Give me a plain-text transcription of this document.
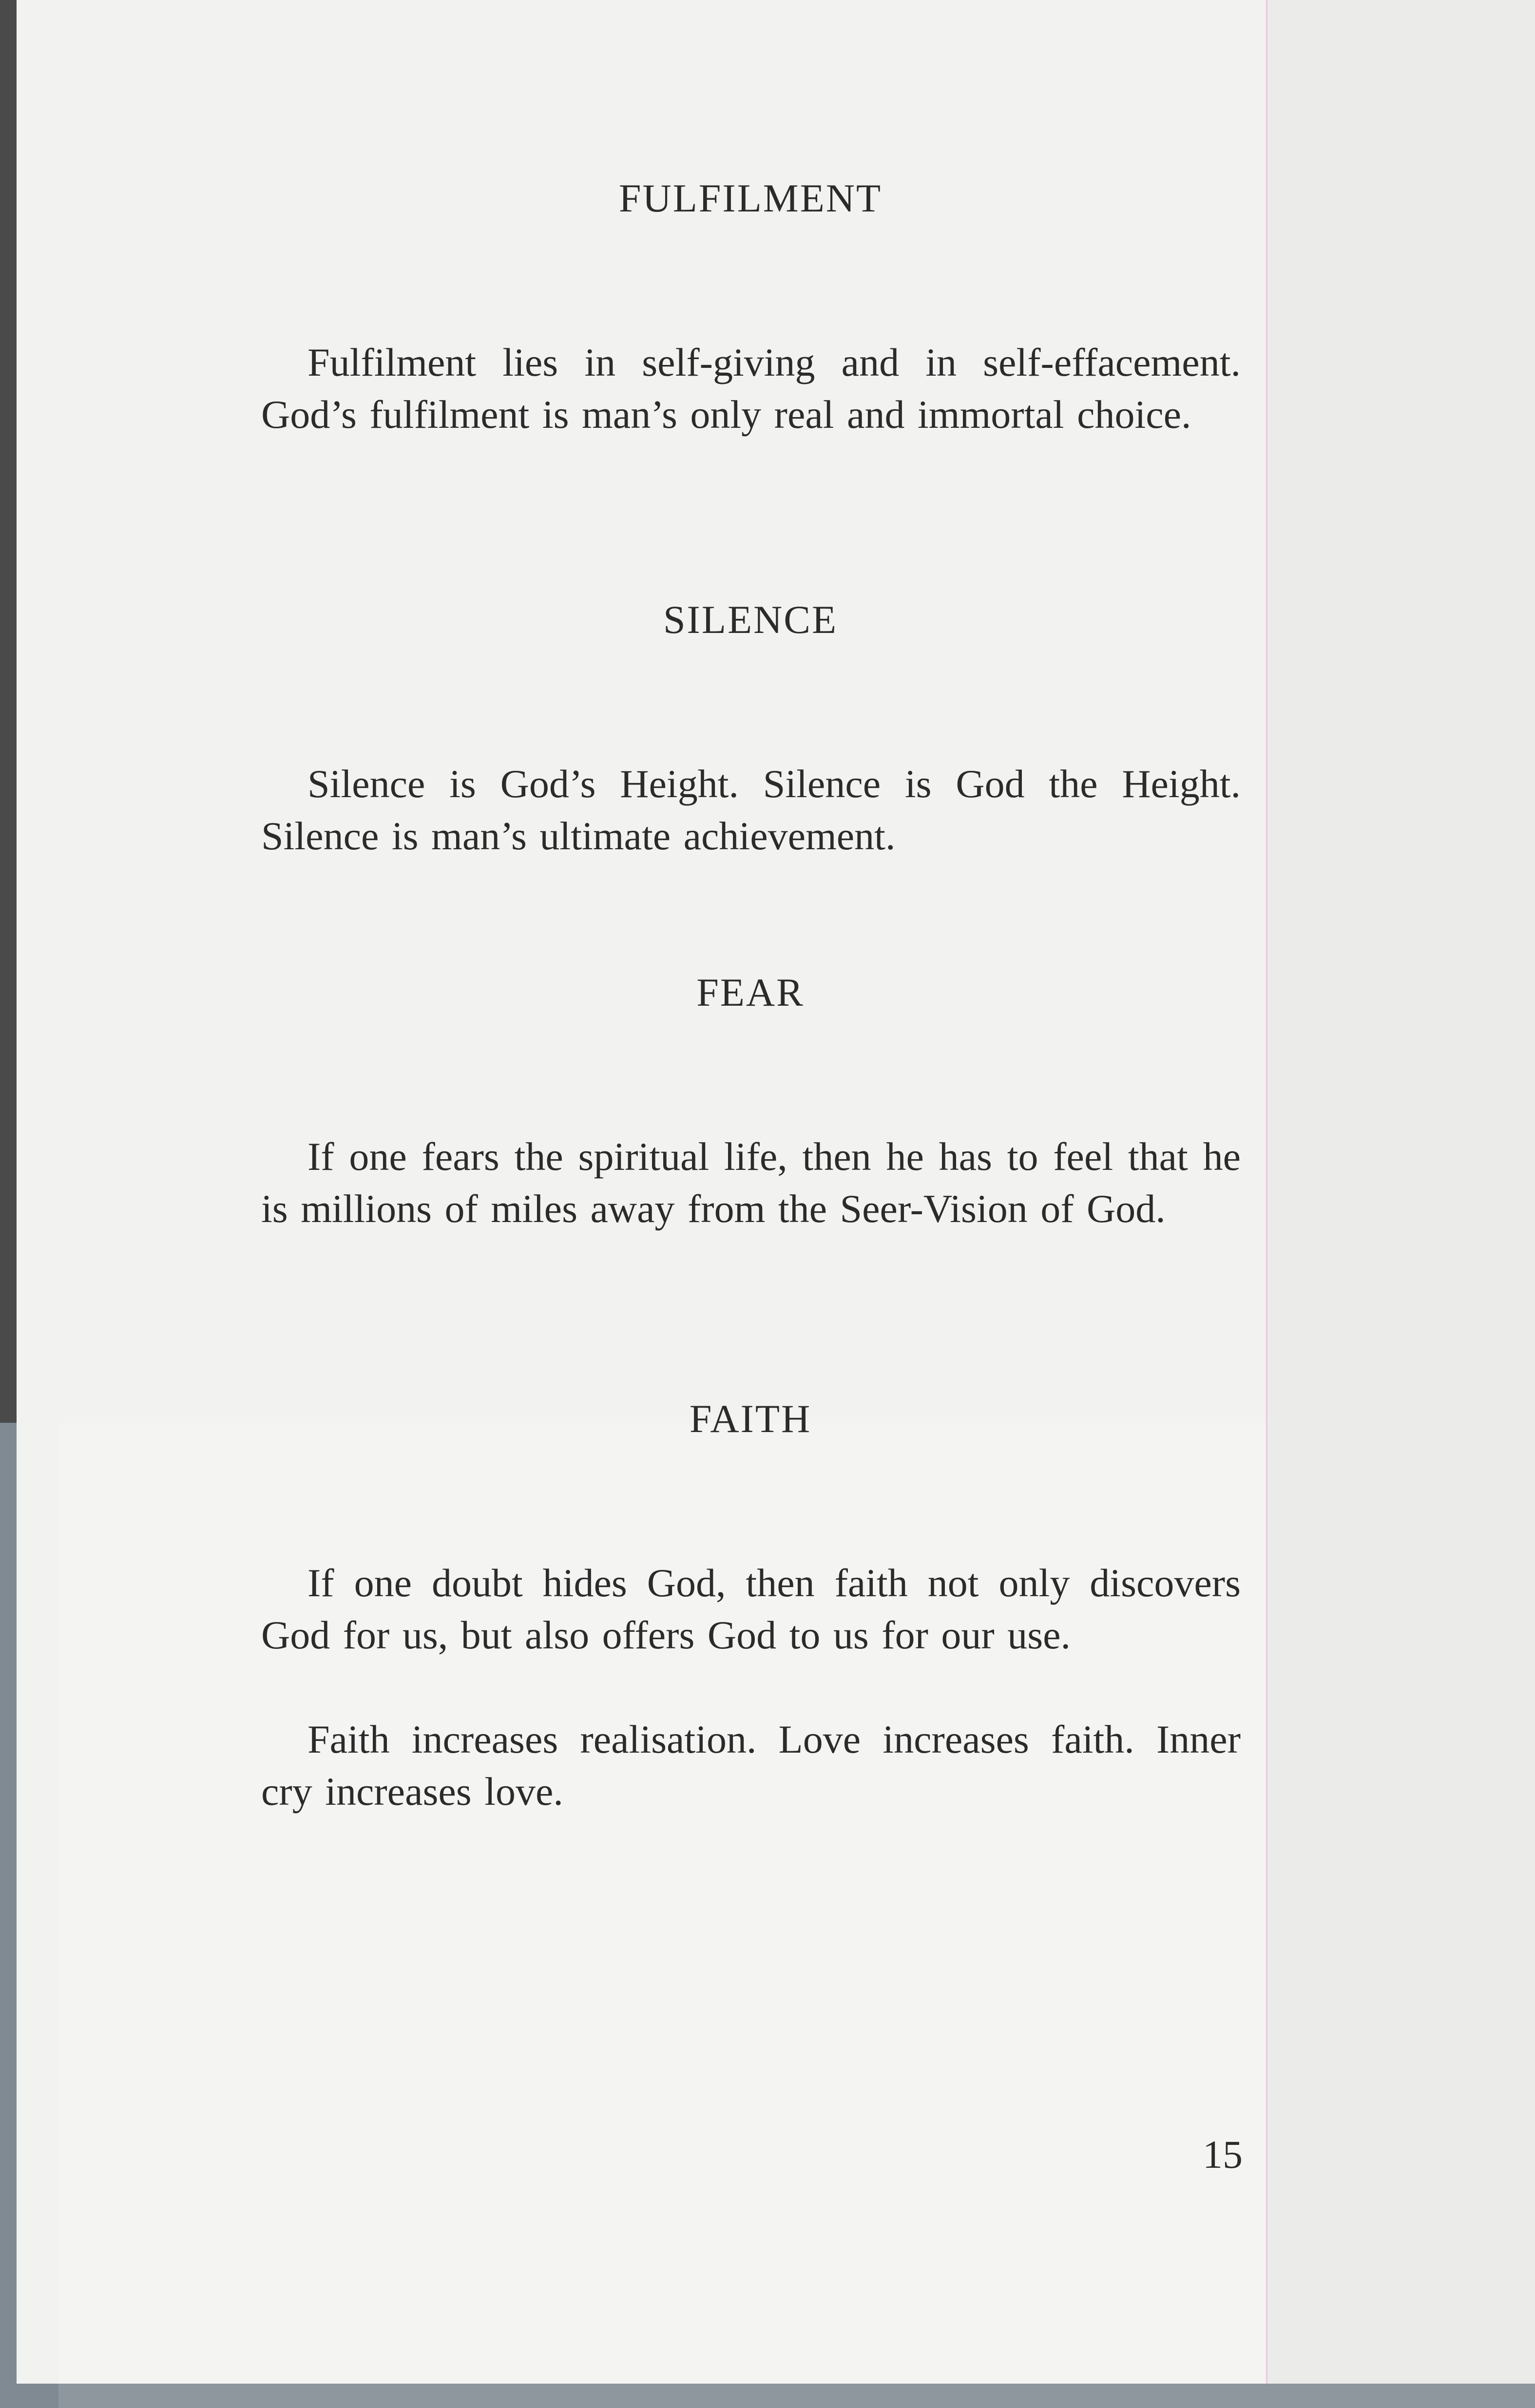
FULFILMENT

Fulfilment lies in self-giving and in self-effacement. God’s fulfilment is man’s only real and immortal choice.

SILENCE

Silence is God’s Height. Silence is God the Height. Silence is man’s ultimate achievement.

FEAR

If one fears the spiritual life, then he has to feel that he is millions of miles away from the Seer-Vision of God.

FAITH

If one doubt hides God, then faith not only discovers God for us, but also offers God to us for our use.

Faith increases realisation. Love increases faith. Inner cry increases love.

15
